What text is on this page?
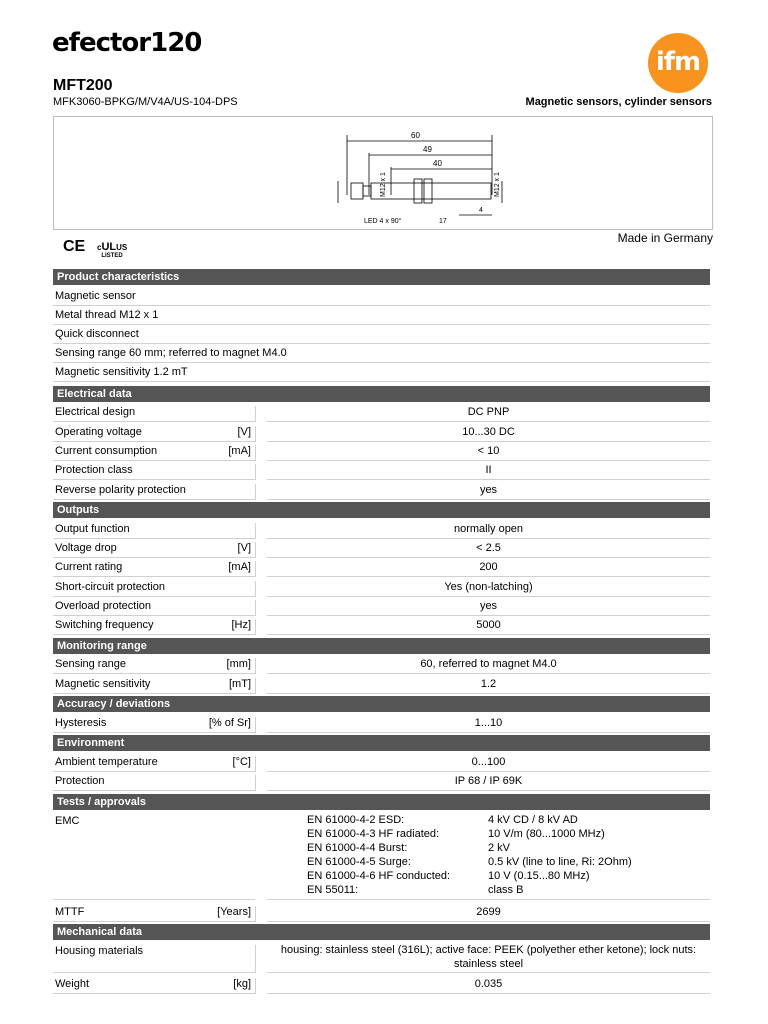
efector120
ifm
MFT200
MFK3060-BPKG/M/V4A/US-104-DPS	Magnetic sensors, cylinder sensors
60
49
40
M12 x 1	M12 x 1
LED 4 x 90°	17
4
CE cULUS
LISTED
Made in Germany
Product characteristics
Magnetic sensor
Metal thread M12 x 1
Quick disconnect
Sensing range 60 mm; referred to magnet M4.0
Magnetic sensitivity 1.2 mT
Electrical data
Electrical design	DC PNP
Operating voltage	[V]	10...30 DC
Current consumption	[mA]	< 10
Protection class	II
Reverse polarity protection	yes
Outputs
Output function	normally open
Voltage drop	[V]	< 2.5
Current rating	[mA]	200
Short-circuit protection	Yes (non-latching)
Overload protection	yes
Switching frequency	[Hz]	5000
Monitoring range
Sensing range	[mm]	60, referred to magnet M4.0
Magnetic sensitivity	[mT]	1.2
Accuracy / deviations
Hysteresis	[% of Sr]	1...10
Environment
Ambient temperature	[°C]	0...100
Protection	IP 68 / IP 69K
Tests / approvals
EMC	EN 61000-4-2 ESD:	4 kV CD / 8 kV AD
EN 61000-4-3 HF radiated:	10 V/m (80...1000 MHz)
EN 61000-4-4 Burst:	2 kV
EN 61000-4-5 Surge:	0.5 kV (line to line, Ri: 2Ohm)
EN 61000-4-6 HF conducted:	10 V (0.15...80 MHz)
EN 55011:	class B
MTTF	[Years]	2699
Mechanical data
Housing materials	housing: stainless steel (316L); active face: PEEK (polyether ether ketone); lock nuts: stainless steel
Weight	[kg]	0.035
